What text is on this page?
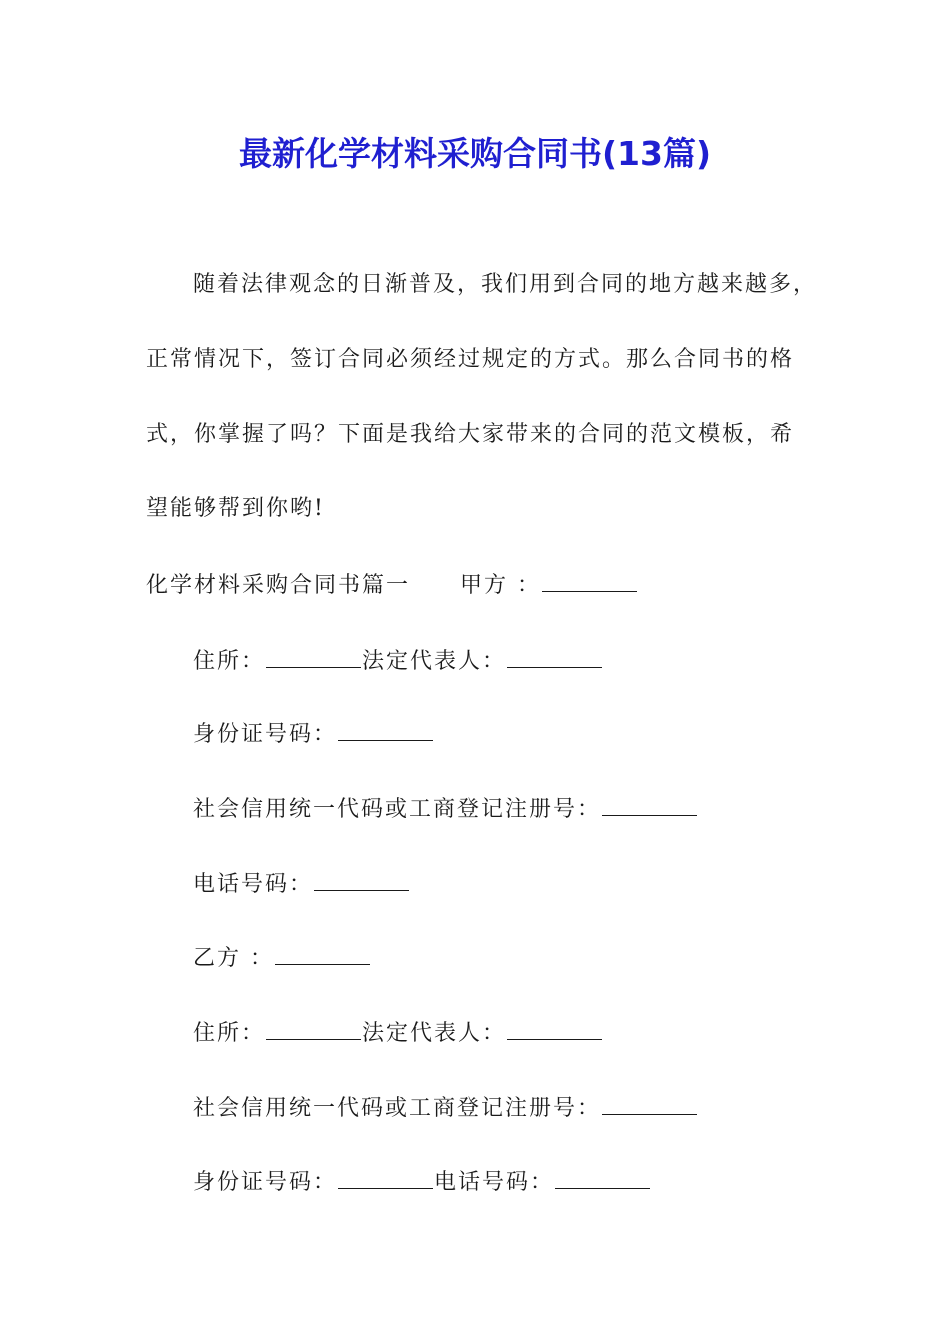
最新化学材料采购合同书(13篇)
随着法律观念的日渐普及，我们用到合同的地方越来越多，
正常情况下，签订合同必须经过规定的方式。那么合同书的格
式，你掌握了吗？下面是我给大家带来的合同的范文模板，希
望能够帮到你哟!
化学材料采购合同书篇一 甲方 ：
住所：	法定代表人：
身份证号码：
社会信用统一代码或工商登记注册号：
电话号码：
乙方 ：
住所：	法定代表人：
社会信用统一代码或工商登记注册号：
身份证号码：	电话号码：
